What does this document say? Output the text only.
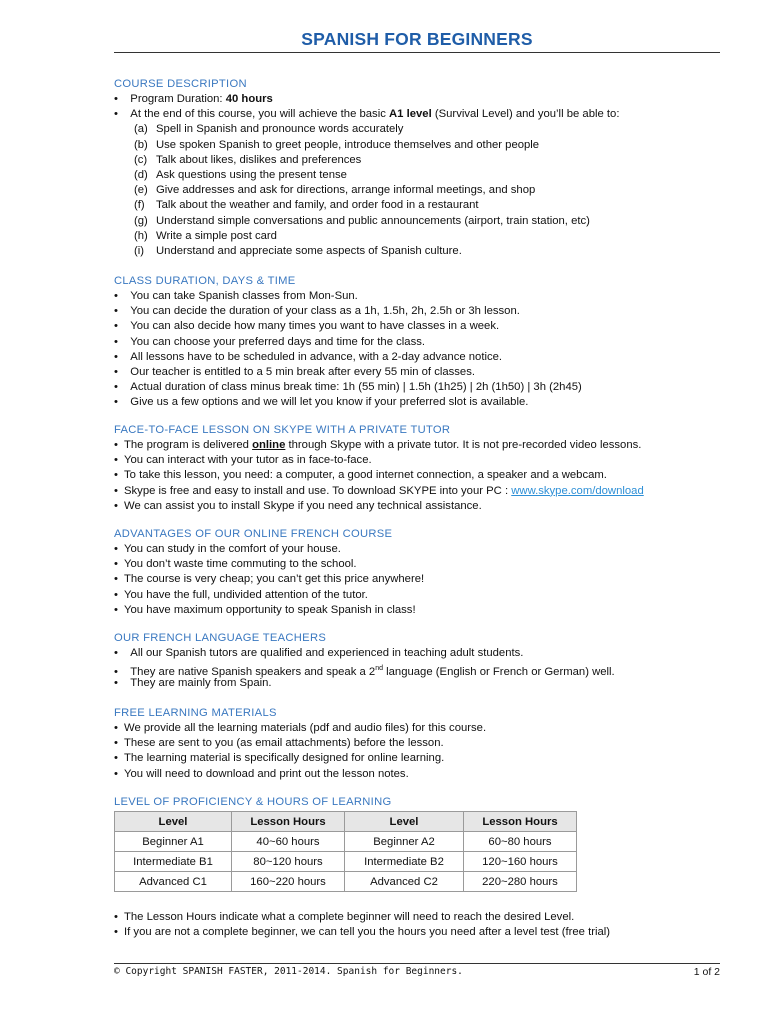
SPANISH FOR BEGINNERS
COURSE DESCRIPTION
• Program Duration: 40 hours
• At the end of this course, you will achieve the basic A1 level (Survival Level) and you’ll be able to:
(a) Spell in Spanish and pronounce words accurately
(b) Use spoken Spanish to greet people, introduce themselves and other people
(c) Talk about likes, dislikes and preferences
(d) Ask questions using the present tense
(e) Give addresses and ask for directions, arrange informal meetings, and shop
(f) Talk about the weather and family, and order food in a restaurant
(g) Understand simple conversations and public announcements (airport, train station, etc)
(h) Write a simple post card
(i) Understand and appreciate some aspects of Spanish culture.
CLASS DURATION, DAYS & TIME
• You can take Spanish classes from Mon-Sun.
• You can decide the duration of your class as a 1h, 1.5h, 2h, 2.5h or 3h lesson.
• You can also decide how many times you want to have classes in a week.
• You can choose your preferred days and time for the class.
• All lessons have to be scheduled in advance, with a 2-day advance notice.
• Our teacher is entitled to a 5 min break after every 55 min of classes.
• Actual duration of class minus break time: 1h (55 min) | 1.5h (1h25) | 2h (1h50) | 3h (2h45)
• Give us a few options and we will let you know if your preferred slot is available.
FACE-TO-FACE LESSON ON SKYPE WITH A PRIVATE TUTOR
• The program is delivered online through Skype with a private tutor. It is not pre-recorded video lessons.
• You can interact with your tutor as in face-to-face.
• To take this lesson, you need: a computer, a good internet connection, a speaker and a webcam.
• Skype is free and easy to install and use. To download SKYPE into your PC : www.skype.com/download
• We can assist you to install Skype if you need any technical assistance.
ADVANTAGES OF OUR ONLINE FRENCH COURSE
• You can study in the comfort of your house.
• You don’t waste time commuting to the school.
• The course is very cheap; you can’t get this price anywhere!
• You have the full, undivided attention of the tutor.
• You have maximum opportunity to speak Spanish in class!
OUR FRENCH LANGUAGE TEACHERS
• All our Spanish tutors are qualified and experienced in teaching adult students.
• They are native Spanish speakers and speak a 2nd language (English or French or German) well.
• They are mainly from Spain.
FREE LEARNING MATERIALS
• We provide all the learning materials (pdf and audio files) for this course.
• These are sent to you (as email attachments) before the lesson.
• The learning material is specifically designed for online learning.
• You will need to download and print out the lesson notes.
LEVEL OF PROFICIENCY & HOURS OF LEARNING
Level	Lesson Hours	Level	Lesson Hours
Beginner A1	40~60 hours	Beginner A2	60~80 hours
Intermediate B1	80~120 hours	Intermediate B2	120~160 hours
Advanced C1	160~220 hours	Advanced C2	220~280 hours
• The Lesson Hours indicate what a complete beginner will need to reach the desired Level.
• If you are not a complete beginner, we can tell you the hours you need after a level test (free trial)
© Copyright SPANISH FASTER, 2011-2014. Spanish for Beginners.	1 of 2
